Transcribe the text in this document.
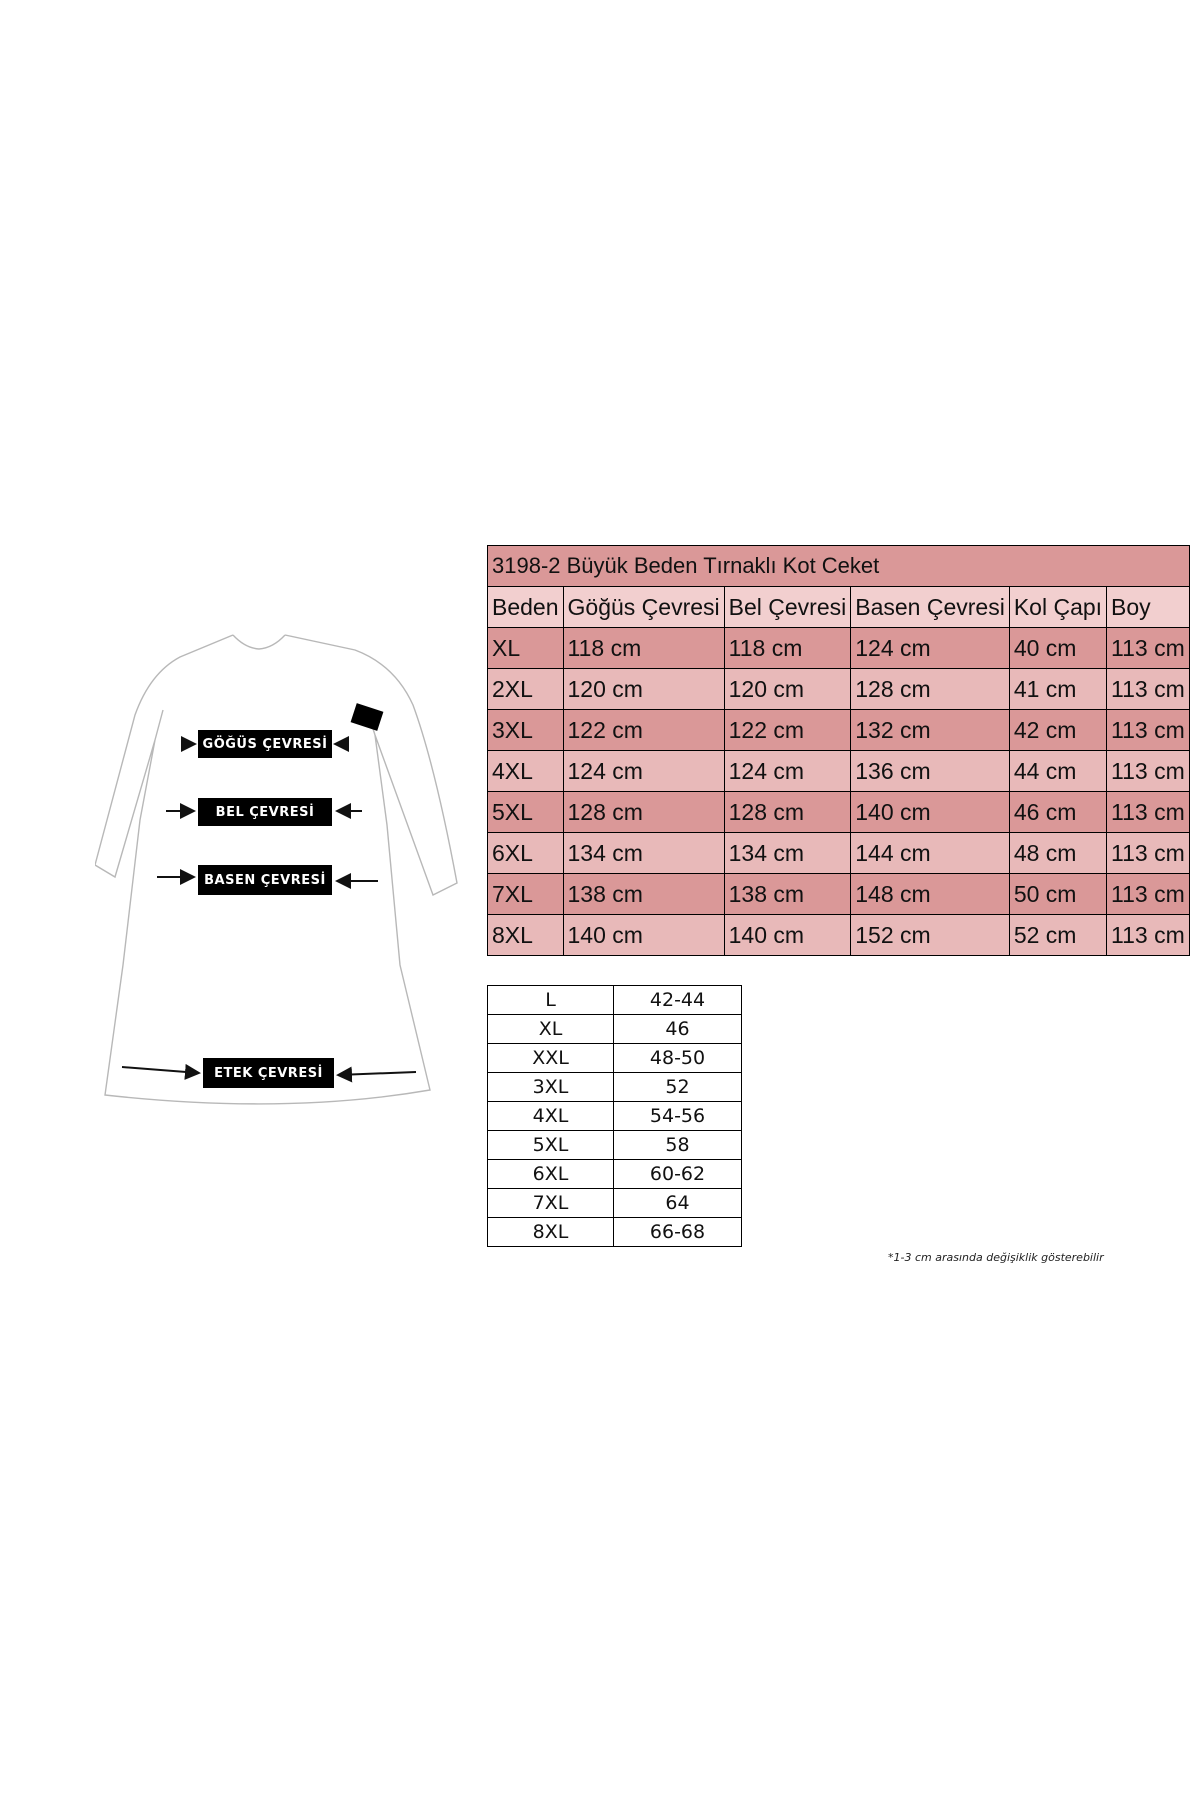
GÖĞÜS ÇEVRESİ
BEL ÇEVRESİ
BASEN ÇEVRESİ
ETEK ÇEVRESİ
3198-2 Büyük Beden Tırnaklı Kot Ceket					
Beden	Göğüs Çevresi	Bel Çevresi	Basen Çevresi	Kol Çapı	Boy
XL	118 cm	118 cm	124 cm	40 cm	113 cm
2XL	120 cm	120 cm	128 cm	41 cm	113 cm
3XL	122 cm	122 cm	132 cm	42 cm	113 cm
4XL	124 cm	124 cm	136 cm	44 cm	113 cm
5XL	128 cm	128 cm	140 cm	46 cm	113 cm
6XL	134 cm	134 cm	144 cm	48 cm	113 cm
7XL	138 cm	138 cm	148 cm	50 cm	113 cm
8XL	140 cm	140 cm	152 cm	52 cm	113 cm
L	42-44
XL	46
XXL	48-50
3XL	52
4XL	54-56
5XL	58
6XL	60-62
7XL	64
8XL	66-68
*1-3 cm arasında değişiklik gösterebilir
